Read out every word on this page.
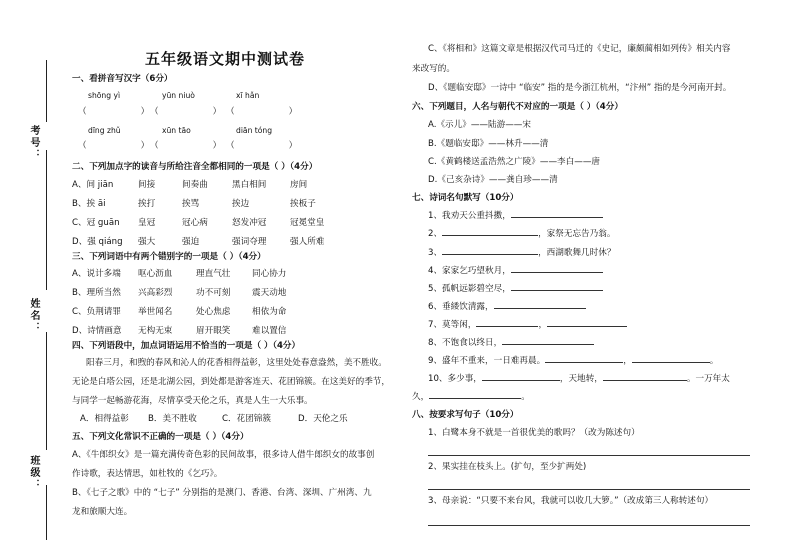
考号：
姓名：
班级：
五年级语文期中测试卷
一、看拼音写汉字（6分）
shōng yì	yūn niuò	xī hǎn
（	） （	） （	）
dīng zhǔ	xūn tāo	diān tóng
（	） （	） （	）
二、下列加点字的读音与所给注音全都相同的一项是（ ）（4分）
A、间 jiān	间接	间奏曲	黑白相间	房间
B、挨 āi	挨打	挨骂	挨边	挨板子
C、冠 guān 皇冠	冠心病	怒发冲冠	冠冕堂皇
D、强 qiáng 强大	强迫	强词夺理	强人所难
三、下列词语中有两个错别字的一项是（ ）（4分）
A、说计多端 呕心沥血	理直气壮	同心协力
B、理所当然 兴高彩烈	功不可刻	震天动地
C、负荆请罪 举世闻名	处心焦虑	相依为命
D、诗情画意 无构无束	眉开眼笑	难以置信
四、下列语段中，加点词语运用不恰当的一项是（ ）（4分）
阳春三月，和煦的春风和沁人的花香相得益彰，这里处处春意盎然，美不胜收。
无论是白塔公园，还是北湖公园，到处都是游客连天、花团锦簇。在这美好的季节，
与同学一起畅游花海，尽情享受天伦之乐，真是人生一大乐事。
A．相得益彰 B．美不胜收	C．花团锦簇	D．天伦之乐
五、下列文化常识不正确的一项是（ ）（4分）
A、《牛郎织女》是一篇充满传奇色彩的民间故事，很多诗人借牛郎织女的故事创
作诗歌，表达情思，如杜牧的《乞巧》。
B、《七子之歌》中的 “七子” 分别指的是澳门、香港、台湾、深圳、广州湾、九
龙和旅顺大连。
C、《将相和》这篇文章是根据汉代司马迁的《史记，廉颇蔺相如列传》相关内容
来改写的。
D、《题临安邸》一诗中 “临安” 指的是今浙江杭州，“汴州” 指的是今河南开封。
六、下列题目，人名与朝代不对应的一项是（ ）（4分）
A.《示儿》——陆游——宋
B.《题临安邸》——林升——清
C.《黄鹤楼送孟浩然之广陵》——李白——唐
D.《己亥杂诗》——龚自珍——清
七、诗词名句默写（10分）
1、我劝天公重抖擞，
2、	，家祭无忘告乃翁。
3、	，西湖歌舞几时休？
4、家家乞巧望秋月，
5、孤帆远影碧空尽，
6、垂緌饮清露，
7、莫等闲，	，
8、不饱食以终日，
9、盛年不重来，一日难再晨。	，	。
10、多少事，	，天地转，	。一万年太
久，	。
八、按要求写句子（10分）
1、白鹭本身不就是一首很优美的歌吗？（改为陈述句）
2、果实挂在枝头上。(扩句，至少扩两处)
3、母亲说：“只要不来台风，我就可以收几大箩。”（改成第三人称转述句）
